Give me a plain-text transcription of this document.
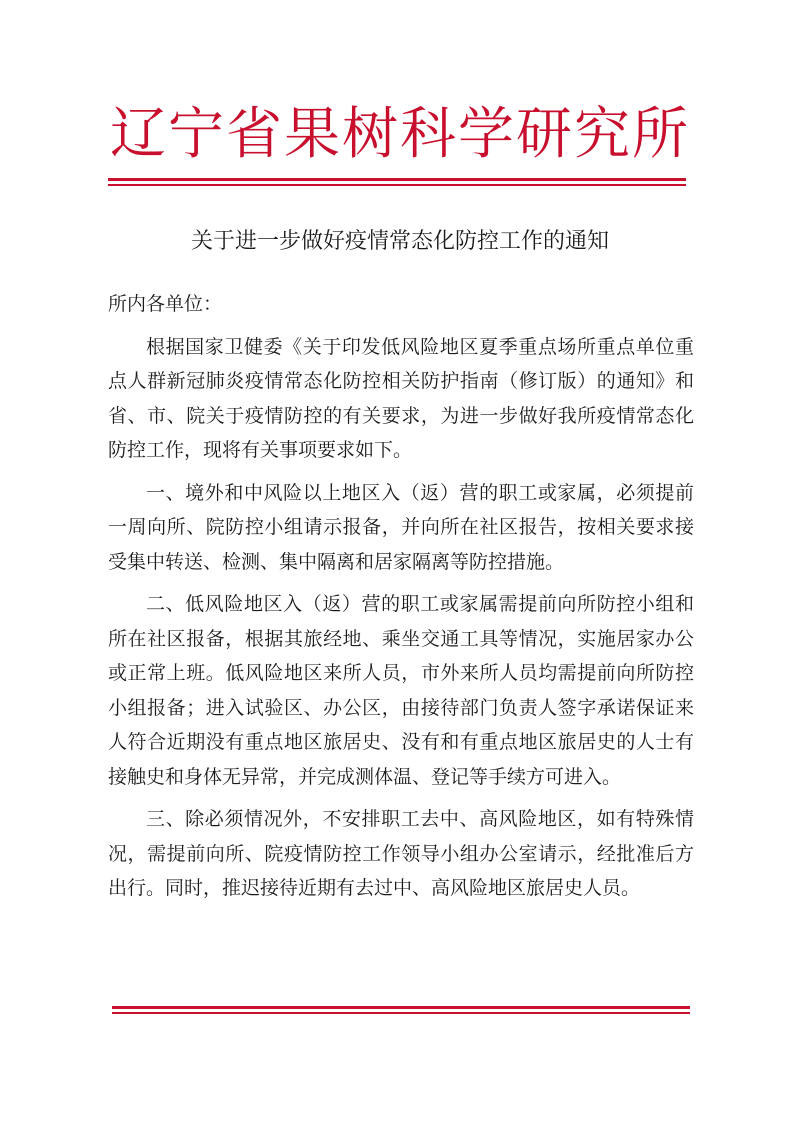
辽宁省果树科学研究所
关于进一步做好疫情常态化防控工作的通知

所内各单位：

根据国家卫健委《关于印发低风险地区夏季重点场所重点单位重点人群新冠肺炎疫情常态化防控相关防护指南（修订版）的通知》和省、市、院关于疫情防控的有关要求，为进一步做好我所疫情常态化防控工作，现将有关事项要求如下。

一、境外和中风险以上地区入（返）营的职工或家属，必须提前一周向所、院防控小组请示报备，并向所在社区报告，按相关要求接受集中转送、检测、集中隔离和居家隔离等防控措施。

二、低风险地区入（返）营的职工或家属需提前向所防控小组和所在社区报备，根据其旅经地、乘坐交通工具等情况，实施居家办公或正常上班。低风险地区来所人员，市外来所人员均需提前向所防控小组报备；进入试验区、办公区，由接待部门负责人签字承诺保证来人符合近期没有重点地区旅居史、没有和有重点地区旅居史的人士有接触史和身体无异常，并完成测体温、登记等手续方可进入。

三、除必须情况外，不安排职工去中、高风险地区，如有特殊情况，需提前向所、院疫情防控工作领导小组办公室请示，经批准后方出行。同时，推迟接待近期有去过中、高风险地区旅居史人员。
